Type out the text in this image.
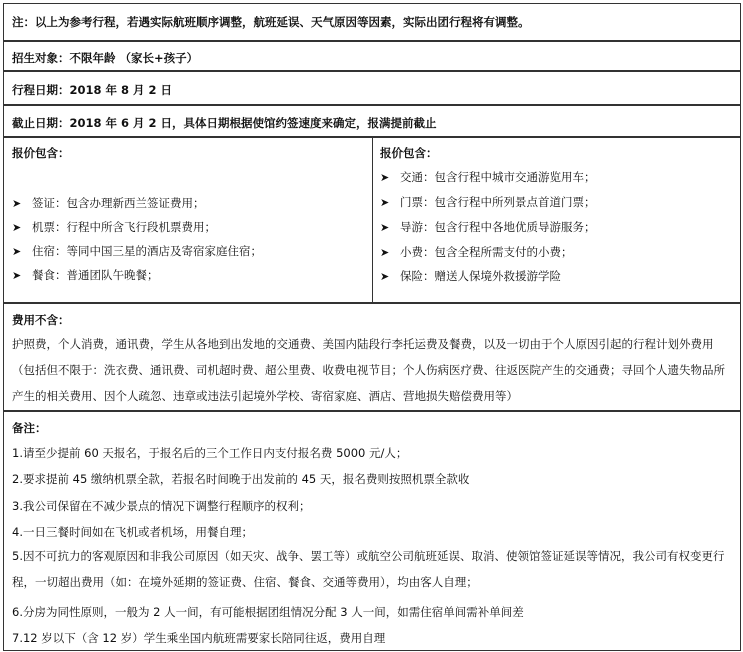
注：以上为参考行程，若遇实际航班顺序调整，航班延误、天气原因等因素，实际出团行程将有调整。
招生对象：不限年龄 （家长+孩子）
行程日期：2018 年 8 月 2 日
截止日期：2018 年 6 月 2 日，具体日期根据使馆约签速度来确定，报满提前截止
报价包含：
➤ 签证：包含办理新西兰签证费用；
➤ 机票：行程中所含飞行段机票费用；
➤ 住宿：等同中国三星的酒店及寄宿家庭住宿；
➤ 餐食：普通团队午晚餐；
报价包含：
➤ 交通：包含行程中城市交通游览用车；
➤ 门票：包含行程中所列景点首道门票；
➤ 导游：包含行程中各地优质导游服务；
➤ 小费：包含全程所需支付的小费；
➤ 保险：赠送人保境外救援游学险
费用不含：
护照费，个人消费，通讯费，学生从各地到出发地的交通费、美国内陆段行李托运费及餐费，以及一切由于个人原因引起的行程计划外费用（包括但不限于：洗衣费、通讯费、司机超时费、超公里费、收费电视节目；个人伤病医疗费、往返医院产生的交通费；寻回个人遗失物品所产生的相关费用、因个人疏忽、违章或违法引起境外学校、寄宿家庭、酒店、营地损失赔偿费用等）
备注：
1.请至少提前 60 天报名，于报名后的三个工作日内支付报名费 5000 元/人；
2.要求提前 45 缴纳机票全款，若报名时间晚于出发前的 45 天，报名费则按照机票全款收
3.我公司保留在不减少景点的情况下调整行程顺序的权利；
4.一日三餐时间如在飞机或者机场，用餐自理；
5.因不可抗力的客观原因和非我公司原因（如天灾、战争、罢工等）或航空公司航班延误、取消、使领馆签证延误等情况，我公司有权变更行程，一切超出费用（如：在境外延期的签证费、住宿、餐食、交通等费用），均由客人自理；
6.分房为同性原则，一般为 2 人一间，有可能根据团组情况分配 3 人一间，如需住宿单间需补单间差
7.12 岁以下（含 12 岁）学生乘坐国内航班需要家长陪同往返，费用自理
